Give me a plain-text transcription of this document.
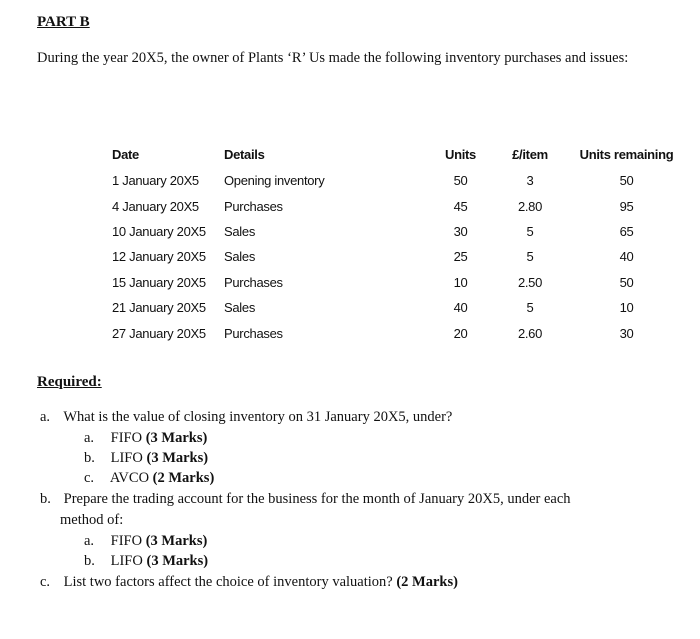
PART B
During the year 20X5, the owner of Plants ‘R’ Us made the following inventory purchases and issues:
Date	Details	Units	£/item	Units remaining
1 January 20X5	Opening inventory	50	3	50
4 January 20X5	Purchases	45	2.80	95
10 January 20X5	Sales	30	5	65
12 January 20X5	Sales	25	5	40
15 January 20X5	Purchases	10	2.50	50
21 January 20X5	Sales	40	5	10
27 January 20X5	Purchases	20	2.60	30
Required:
a. What is the value of closing inventory on 31 January 20X5, under?
a. FIFO (3 Marks)
b. LIFO (3 Marks)
c. AVCO (2 Marks)
b. Prepare the trading account for the business for the month of January 20X5, under each
method of:
a. FIFO (3 Marks)
b. LIFO (3 Marks)
c. List two factors affect the choice of inventory valuation? (2 Marks)
